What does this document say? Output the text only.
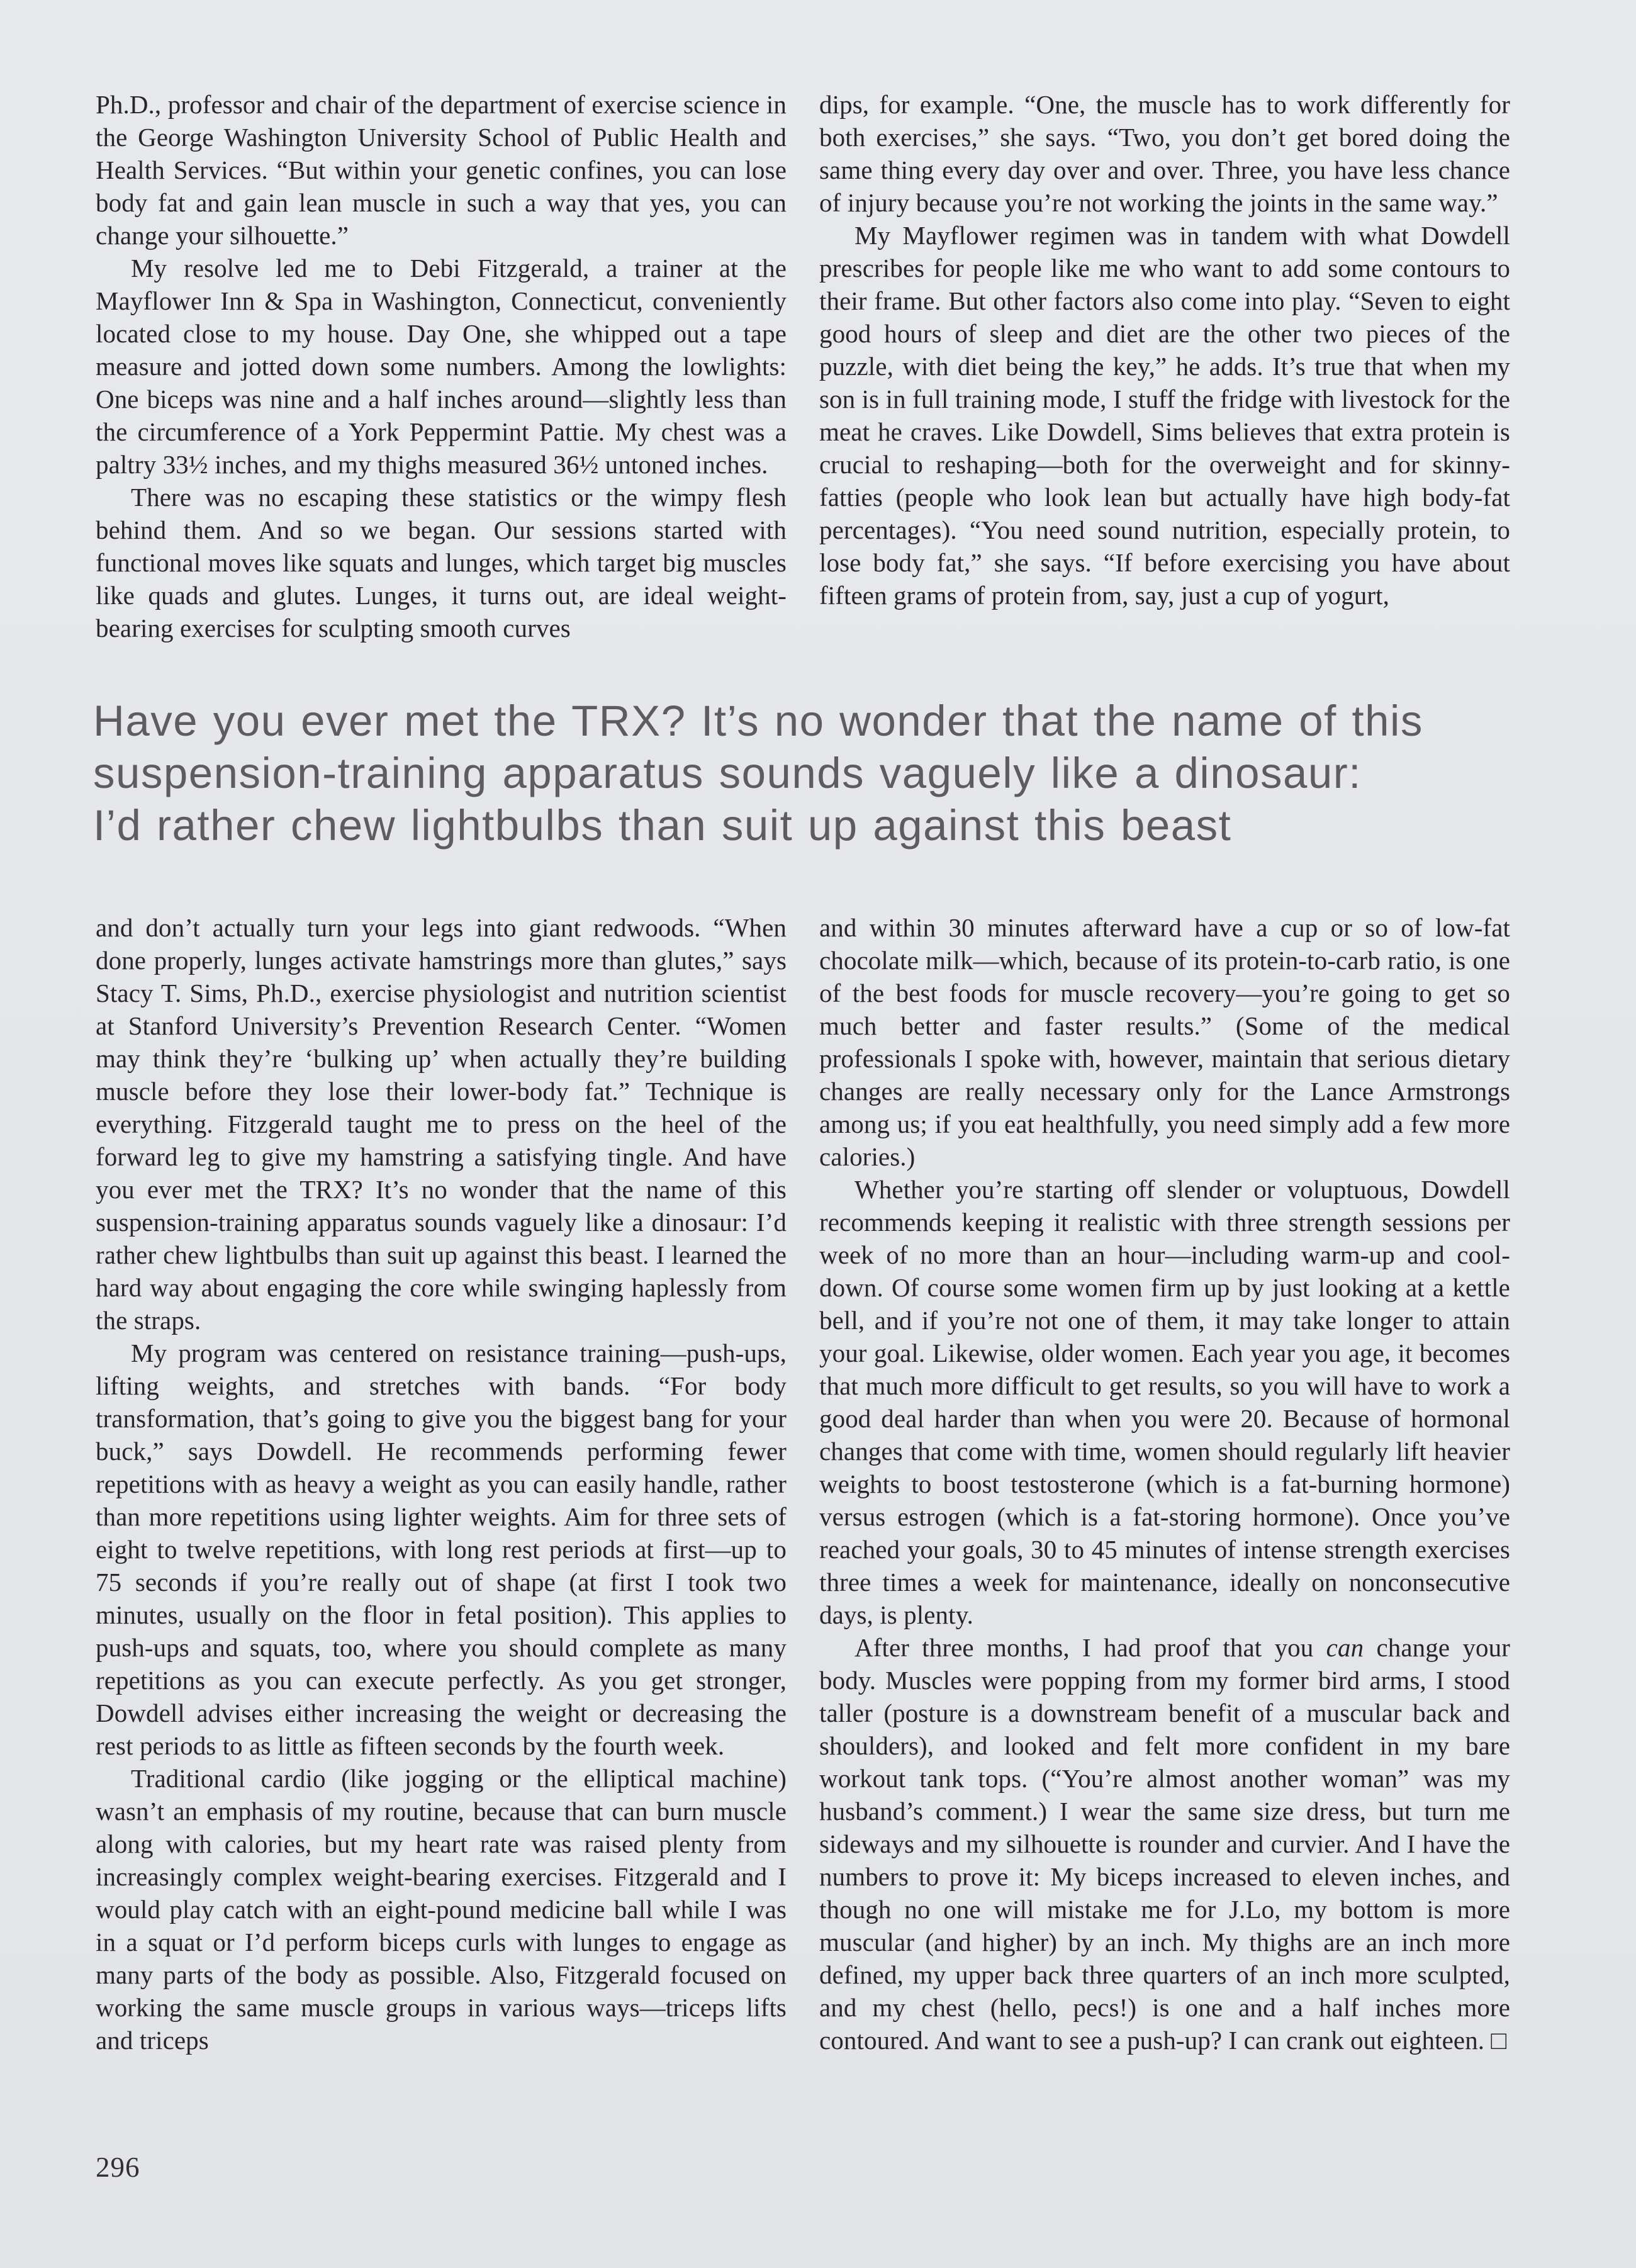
Ph.D., professor and chair of the department of exercise science in the George Washington University School of Public Health and Health Services. “But within your genetic confines, you can lose body fat and gain lean muscle in such a way that yes, you can change your silhouette.”

My resolve led me to Debi Fitzgerald, a trainer at the Mayflower Inn & Spa in Washington, Connecticut, conveniently located close to my house. Day One, she whipped out a tape measure and jotted down some numbers. Among the lowlights: One biceps was nine and a half inches around—slightly less than the circumference of a York Peppermint Pattie. My chest was a paltry 33½ inches, and my thighs measured 36½ untoned inches.

There was no escaping these statistics or the wimpy flesh behind them. And so we began. Our sessions started with functional moves like squats and lunges, which target big muscles like quads and glutes. Lunges, it turns out, are ideal weight-bearing exercises for sculpting smooth curves

dips, for example. “One, the muscle has to work differently for both exercises,” she says. “Two, you don’t get bored doing the same thing every day over and over. Three, you have less chance of injury because you’re not working the joints in the same way.”

My Mayflower regimen was in tandem with what Dowdell prescribes for people like me who want to add some contours to their frame. But other factors also come into play. “Seven to eight good hours of sleep and diet are the other two pieces of the puzzle, with diet being the key,” he adds. It’s true that when my son is in full training mode, I stuff the fridge with livestock for the meat he craves. Like Dowdell, Sims believes that extra protein is crucial to reshaping—both for the overweight and for skinny-fatties (people who look lean but actually have high body-fat percentages). “You need sound nutrition, especially protein, to lose body fat,” she says. “If before exercising you have about fifteen grams of protein from, say, just a cup of yogurt,

Have you ever met the TRX? It’s no wonder that the name of this
suspension-training apparatus sounds vaguely like a dinosaur:
I’d rather chew lightbulbs than suit up against this beast

and don’t actually turn your legs into giant redwoods. “When done properly, lunges activate hamstrings more than glutes,” says Stacy T. Sims, Ph.D., exercise physiologist and nutrition scientist at Stanford University’s Prevention Research Center. “Women may think they’re ‘bulking up’ when actually they’re building muscle before they lose their lower-body fat.” Technique is everything. Fitzgerald taught me to press on the heel of the forward leg to give my hamstring a satisfying tingle. And have you ever met the TRX? It’s no wonder that the name of this suspension-training apparatus sounds vaguely like a dinosaur: I’d rather chew lightbulbs than suit up against this beast. I learned the hard way about engaging the core while swinging haplessly from the straps.

My program was centered on resistance training—push-ups, lifting weights, and stretches with bands. “For body transformation, that’s going to give you the biggest bang for your buck,” says Dowdell. He recommends performing fewer repetitions with as heavy a weight as you can easily handle, rather than more repetitions using lighter weights. Aim for three sets of eight to twelve repetitions, with long rest periods at first—up to 75 seconds if you’re really out of shape (at first I took two minutes, usually on the floor in fetal position). This applies to push-ups and squats, too, where you should complete as many repetitions as you can execute perfectly. As you get stronger, Dowdell advises either increasing the weight or decreasing the rest periods to as little as fifteen seconds by the fourth week.

Traditional cardio (like jogging or the elliptical machine) wasn’t an emphasis of my routine, because that can burn muscle along with calories, but my heart rate was raised plenty from increasingly complex weight-bearing exercises. Fitzgerald and I would play catch with an eight-pound medicine ball while I was in a squat or I’d perform biceps curls with lunges to engage as many parts of the body as possible. Also, Fitzgerald focused on working the same muscle groups in various ways—triceps lifts and triceps

and within 30 minutes afterward have a cup or so of low-fat chocolate milk—which, because of its protein-to-carb ratio, is one of the best foods for muscle recovery—you’re going to get so much better and faster results.” (Some of the medical professionals I spoke with, however, maintain that serious dietary changes are really necessary only for the Lance Armstrongs among us; if you eat healthfully, you need simply add a few more calories.)

Whether you’re starting off slender or voluptuous, Dowdell recommends keeping it realistic with three strength sessions per week of no more than an hour—including warm-up and cool-down. Of course some women firm up by just looking at a kettle bell, and if you’re not one of them, it may take longer to attain your goal. Likewise, older women. Each year you age, it becomes that much more difficult to get results, so you will have to work a good deal harder than when you were 20. Because of hormonal changes that come with time, women should regularly lift heavier weights to boost testosterone (which is a fat-burning hormone) versus estrogen (which is a fat-storing hormone). Once you’ve reached your goals, 30 to 45 minutes of intense strength exercises three times a week for maintenance, ideally on nonconsecutive days, is plenty.

After three months, I had proof that you can change your body. Muscles were popping from my former bird arms, I stood taller (posture is a downstream benefit of a muscular back and shoulders), and looked and felt more confident in my bare workout tank tops. (“You’re almost another woman” was my husband’s comment.) I wear the same size dress, but turn me sideways and my silhouette is rounder and curvier. And I have the numbers to prove it: My biceps increased to eleven inches, and though no one will mistake me for J.Lo, my bottom is more muscular (and higher) by an inch. My thighs are an inch more defined, my upper back three quarters of an inch more sculpted, and my chest (hello, pecs!) is one and a half inches more contoured. And want to see a push-up? I can crank out eighteen. □

296
